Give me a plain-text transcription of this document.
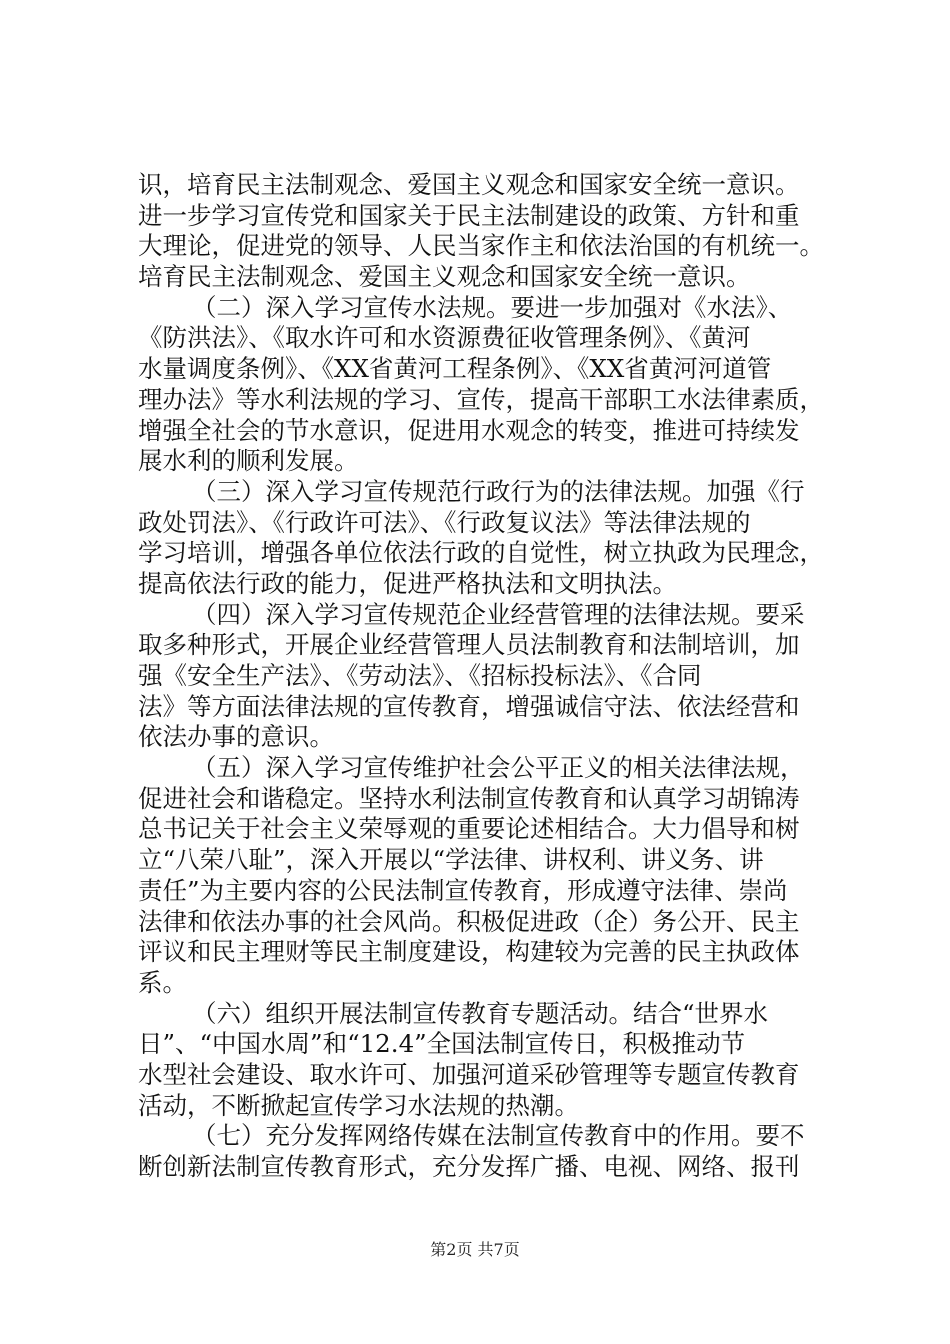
识，培育民主法制观念、爱国主义观念和国家安全统一意识。
进一步学习宣传党和国家关于民主法制建设的政策、方针和重
大理论，促进党的领导、人民当家作主和依法治国的有机统一。
培育民主法制观念、爱国主义观念和国家安全统一意识。
（二）深入学习宣传水法规。要进一步加强对《水法》、
《防洪法》、《取水许可和水资源费征收管理条例》、《黄河
水量调度条例》、《XX省黄河工程条例》、《XX省黄河河道管
理办法》等水利法规的学习、宣传，提高干部职工水法律素质，
增强全社会的节水意识，促进用水观念的转变，推进可持续发
展水利的顺利发展。
（三）深入学习宣传规范行政行为的法律法规。加强《行
政处罚法》、《行政许可法》、《行政复议法》等法律法规的
学习培训，增强各单位依法行政的自觉性，树立执政为民理念，
提高依法行政的能力，促进严格执法和文明执法。
（四）深入学习宣传规范企业经营管理的法律法规。要采
取多种形式，开展企业经营管理人员法制教育和法制培训，加
强《安全生产法》、《劳动法》、《招标投标法》、《合同
法》等方面法律法规的宣传教育，增强诚信守法、依法经营和
依法办事的意识。
（五）深入学习宣传维护社会公平正义的相关法律法规，
促进社会和谐稳定。坚持水利法制宣传教育和认真学习胡锦涛
总书记关于社会主义荣辱观的重要论述相结合。大力倡导和树
立“八荣八耻”，深入开展以“学法律、讲权利、讲义务、讲
责任”为主要内容的公民法制宣传教育，形成遵守法律、崇尚
法律和依法办事的社会风尚。积极促进政（企）务公开、民主
评议和民主理财等民主制度建设，构建较为完善的民主执政体
系。
（六）组织开展法制宣传教育专题活动。结合“世界水
日”、“中国水周”和“12.4”全国法制宣传日，积极推动节
水型社会建设、取水许可、加强河道采砂管理等专题宣传教育
活动，不断掀起宣传学习水法规的热潮。
（七）充分发挥网络传媒在法制宣传教育中的作用。要不
断创新法制宣传教育形式，充分发挥广播、电视、网络、报刊
第2页 共7页
